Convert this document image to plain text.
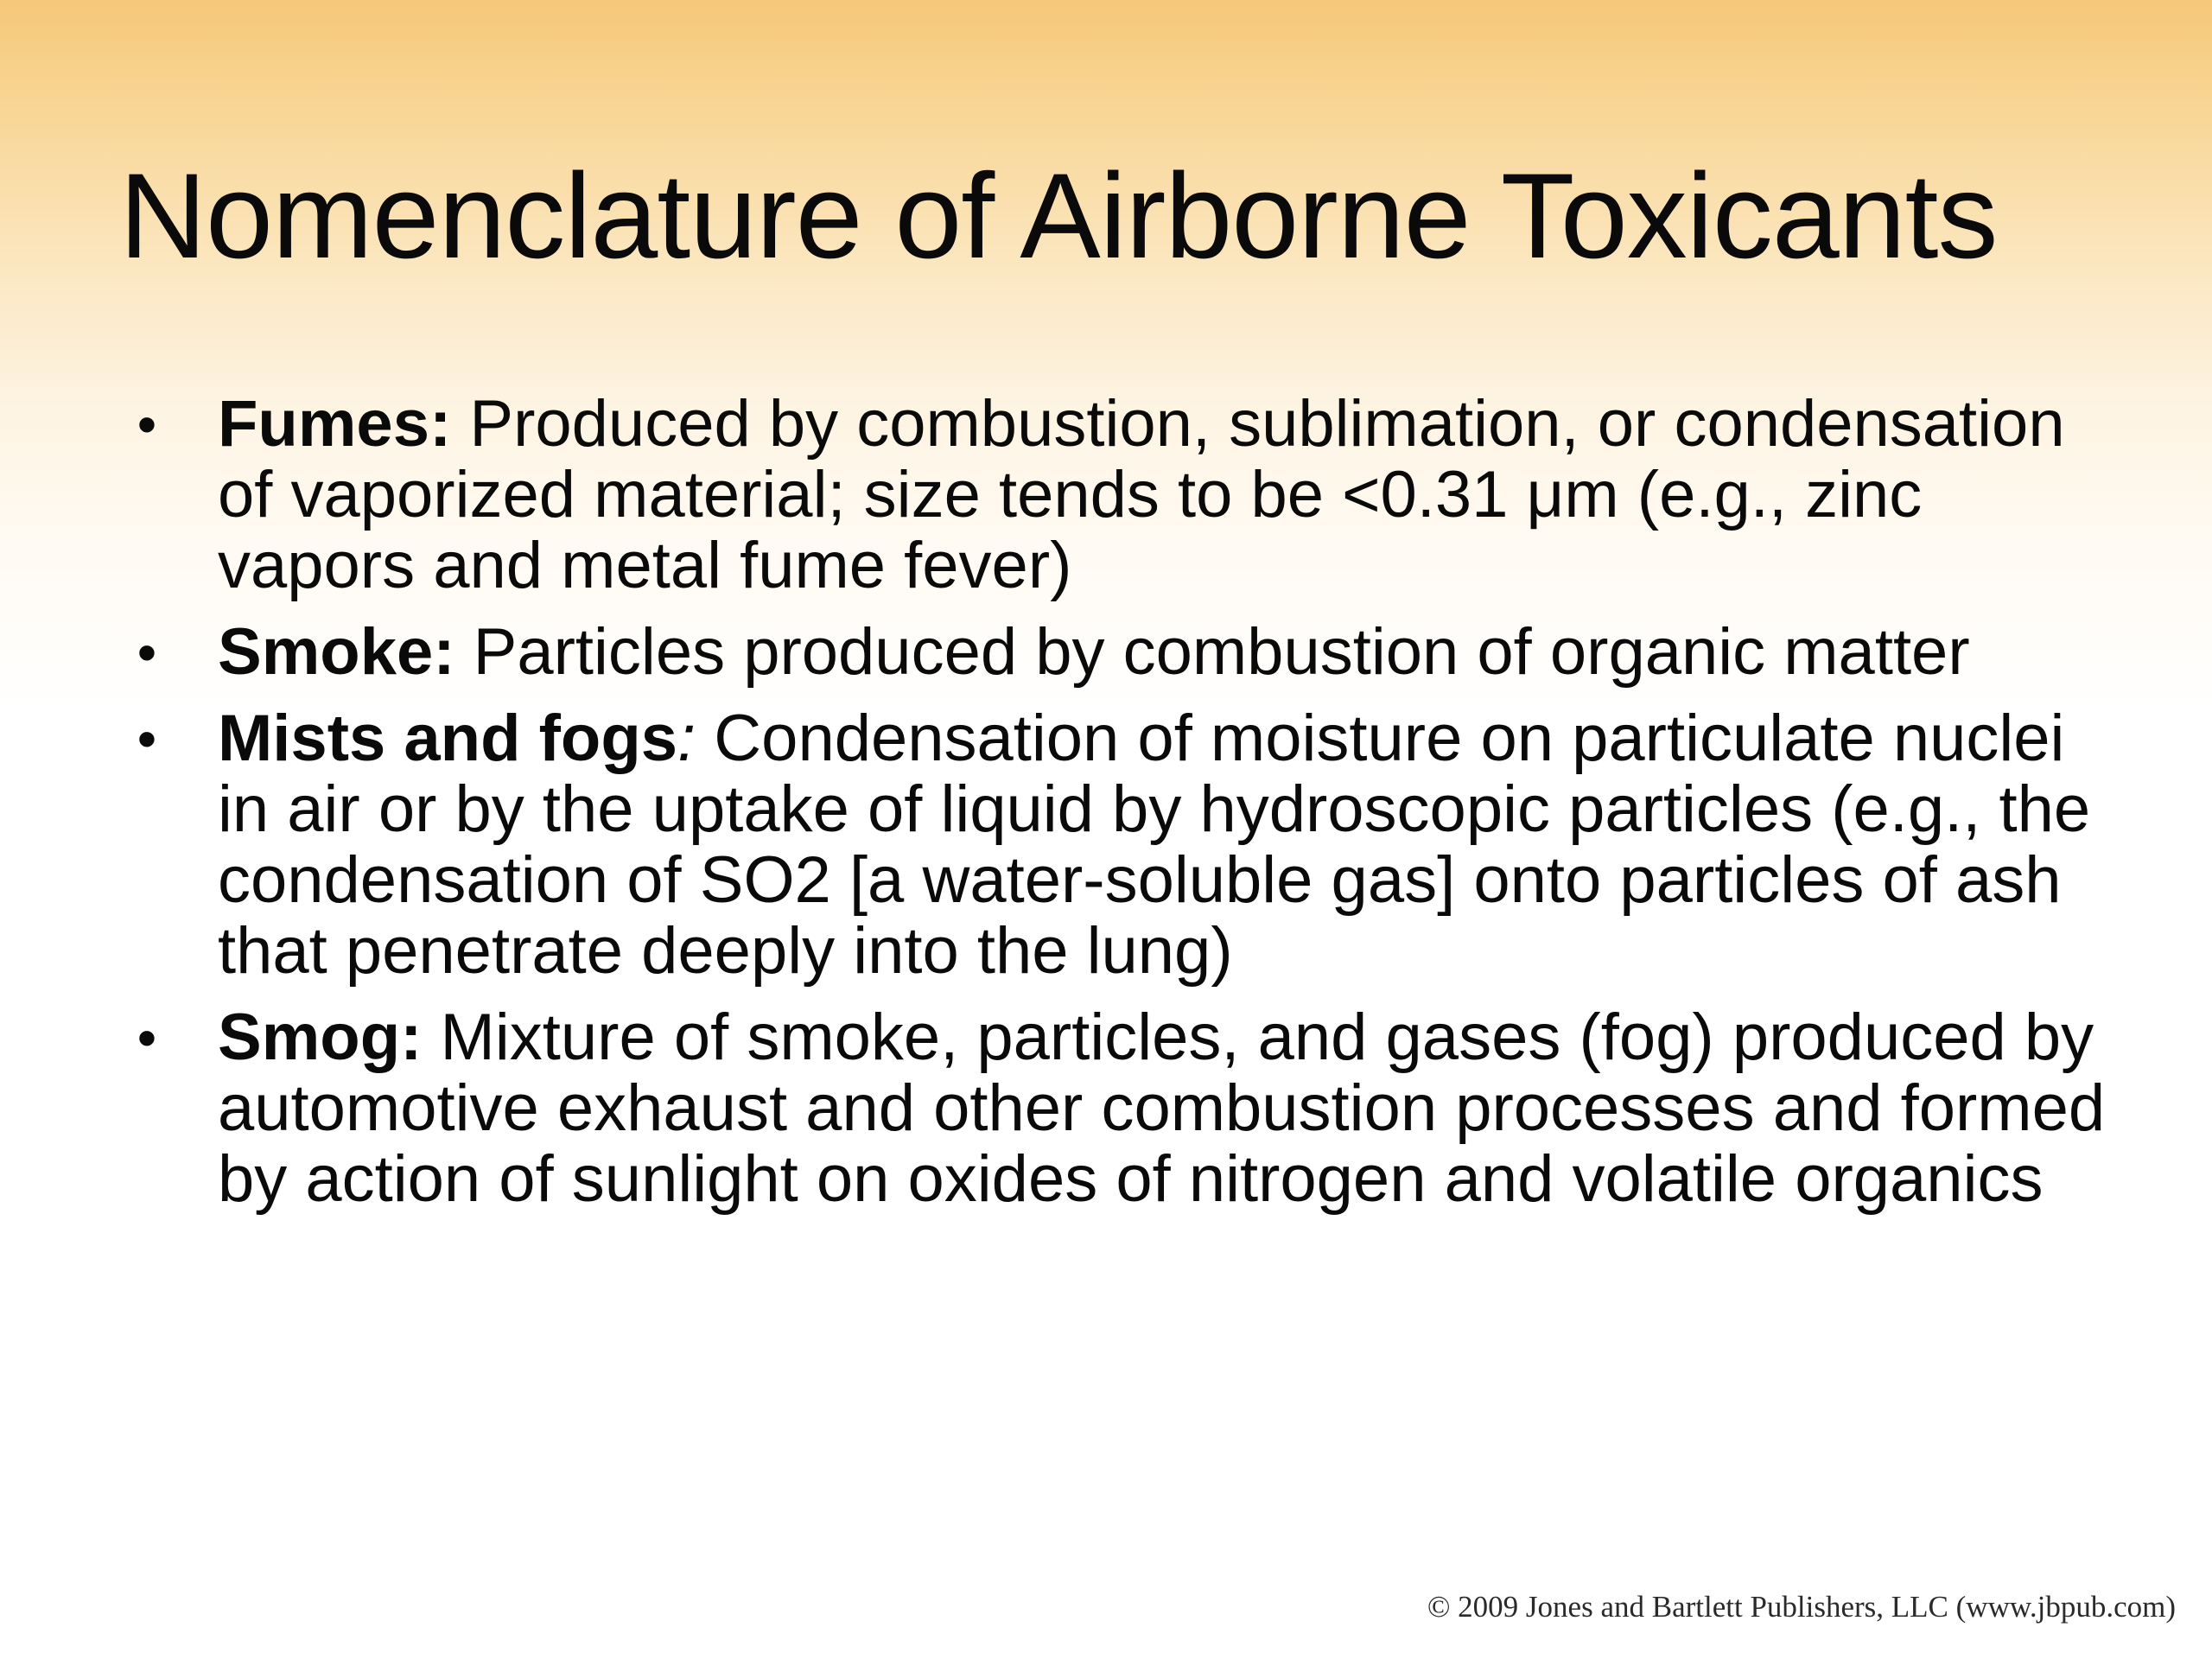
Nomenclature of Airborne Toxicants
• Fumes: Produced by combustion, sublimation, or condensation of vaporized material; size tends to be <0.31 μm (e.g., zinc vapors and metal fume fever)
• Smoke: Particles produced by combustion of organic matter
• Mists and fogs: Condensation of moisture on particulate nuclei in air or by the uptake of liquid by hydroscopic particles (e.g., the condensation of SO2 [a water-soluble gas] onto particles of ash that penetrate deeply into the lung)
• Smog: Mixture of smoke, particles, and gases (fog) produced by automotive exhaust and other combustion processes and formed by action of sunlight on oxides of nitrogen and volatile organics
© 2009 Jones and Bartlett Publishers, LLC (www.jbpub.com)
